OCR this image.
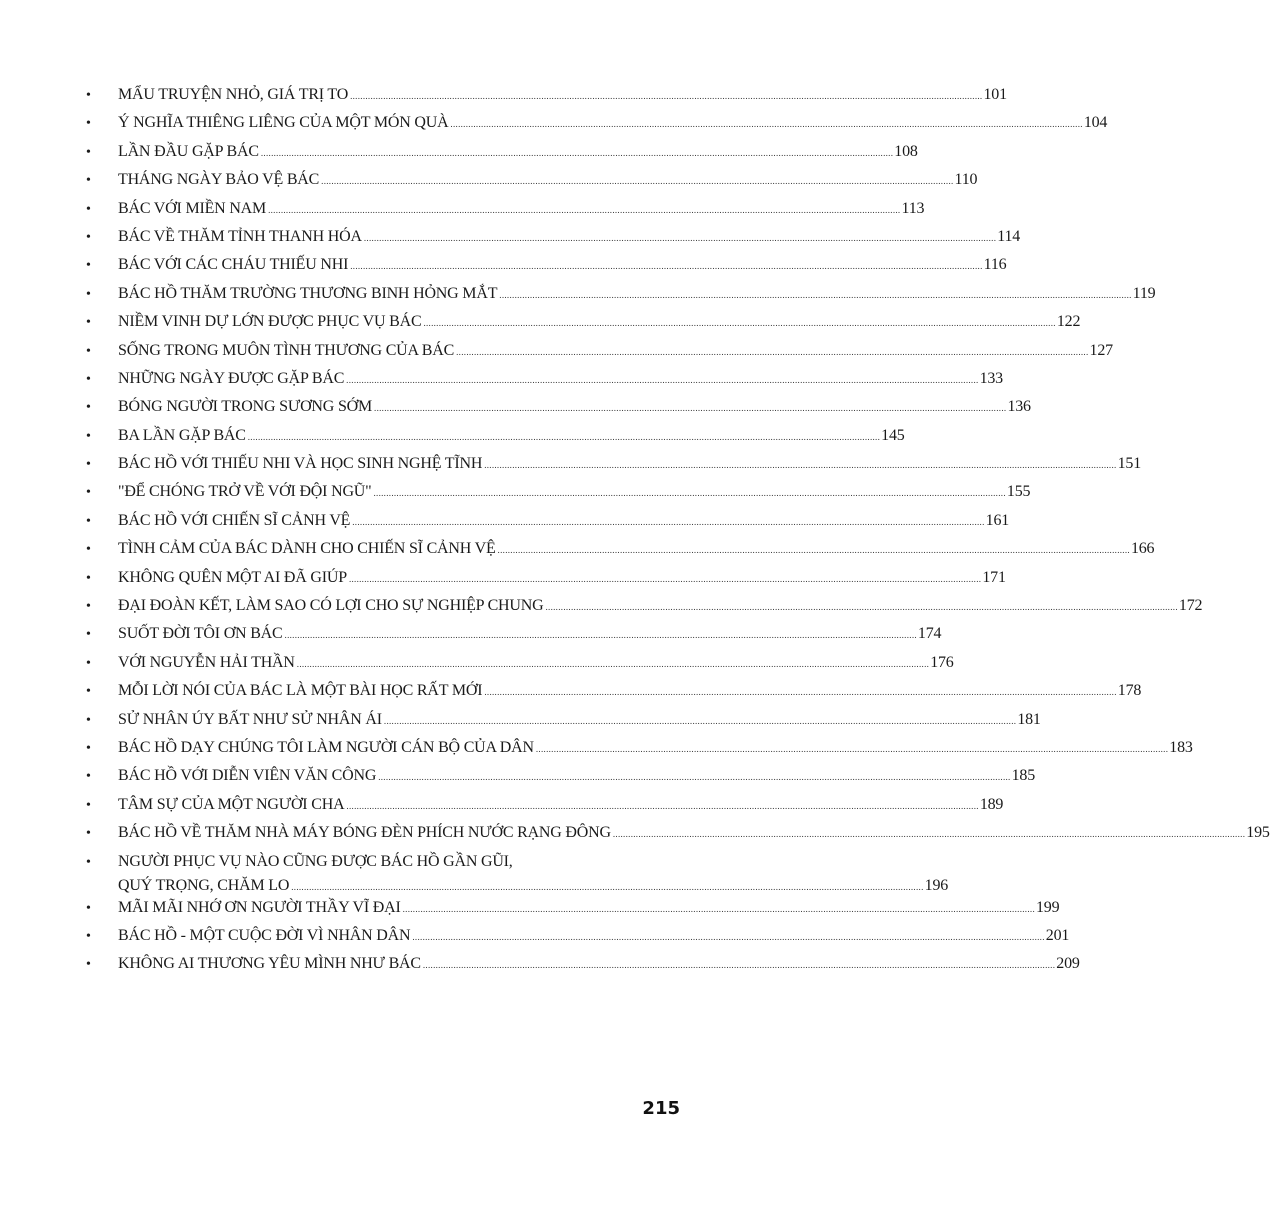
• MẨU TRUYỆN NHỎ, GIÁ TRỊ TO .....	101
• Ý NGHĨA THIÊNG LIÊNG CỦA MỘT MÓN QUÀ .....	104
• LẦN ĐẦU GẶP BÁC .....	108
• THÁNG NGÀY BẢO VỆ BÁC .....	110
• BÁC VỚI MIỀN NAM .....	113
• BÁC VỀ THĂM TỈNH THANH HÓA .....	114
• BÁC VỚI CÁC CHÁU THIẾU NHI .....	116
• BÁC HỒ THĂM TRƯỜNG THƯƠNG BINH HỎNG MẮT .....	119
• NIỀM VINH DỰ LỚN ĐƯỢC PHỤC VỤ BÁC .....	122
• SỐNG TRONG MUÔN TÌNH THƯƠNG CỦA BÁC .....	127
• NHỮNG NGÀY ĐƯỢC GẶP BÁC .....	133
• BÓNG NGƯỜI TRONG SƯƠNG SỚM .....	136
• BA LẦN GẶP BÁC .....	145
• BÁC HỒ VỚI THIẾU NHI VÀ HỌC SINH NGHỆ TĨNH .....	151
• "ĐỂ CHÓNG TRỞ VỀ VỚI ĐỘI NGŨ" .....	155
• BÁC HỒ VỚI CHIẾN SĨ CẢNH VỆ .....	161
• TÌNH CẢM CỦA BÁC DÀNH CHO CHIẾN SĨ CẢNH VỆ .....	166
• KHÔNG QUÊN MỘT AI ĐÃ GIÚP .....	171
• ĐẠI ĐOÀN KẾT, LÀM SAO CÓ LỢI CHO SỰ NGHIỆP CHUNG .....	172
• SUỐT ĐỜI TÔI ƠN BÁC .....	174
• VỚI NGUYỄN HẢI THẦN .....	176
• MỖI LỜI NÓI CỦA BÁC LÀ MỘT BÀI HỌC RẤT MỚI .....	178
• SỬ NHÂN ÚY BẤT NHƯ SỬ NHÂN ÁI .....	181
• BÁC HỒ DẠY CHÚNG TÔI LÀM NGƯỜI CÁN BỘ CỦA DÂN .....	183
• BÁC HỒ VỚI DIỄN VIÊN VĂN CÔNG .....	185
• TÂM SỰ CỦA MỘT NGƯỜI CHA .....	189
• BÁC HỒ VỀ THĂM NHÀ MÁY BÓNG ĐÈN PHÍCH NƯỚC RẠNG ĐÔNG .....	195
• NGƯỜI PHỤC VỤ NÀO CŨNG ĐƯỢC BÁC HỒ GẦN GŨI,
QUÝ TRỌNG, CHĂM LO .....	196
• MÃI MÃI NHỚ ƠN NGƯỜI THẦY VĨ ĐẠI .....	199
• BÁC HỒ - MỘT CUỘC ĐỜI VÌ NHÂN DÂN .....	201
• KHÔNG AI THƯƠNG YÊU MÌNH NHƯ BÁC .....	209
215
